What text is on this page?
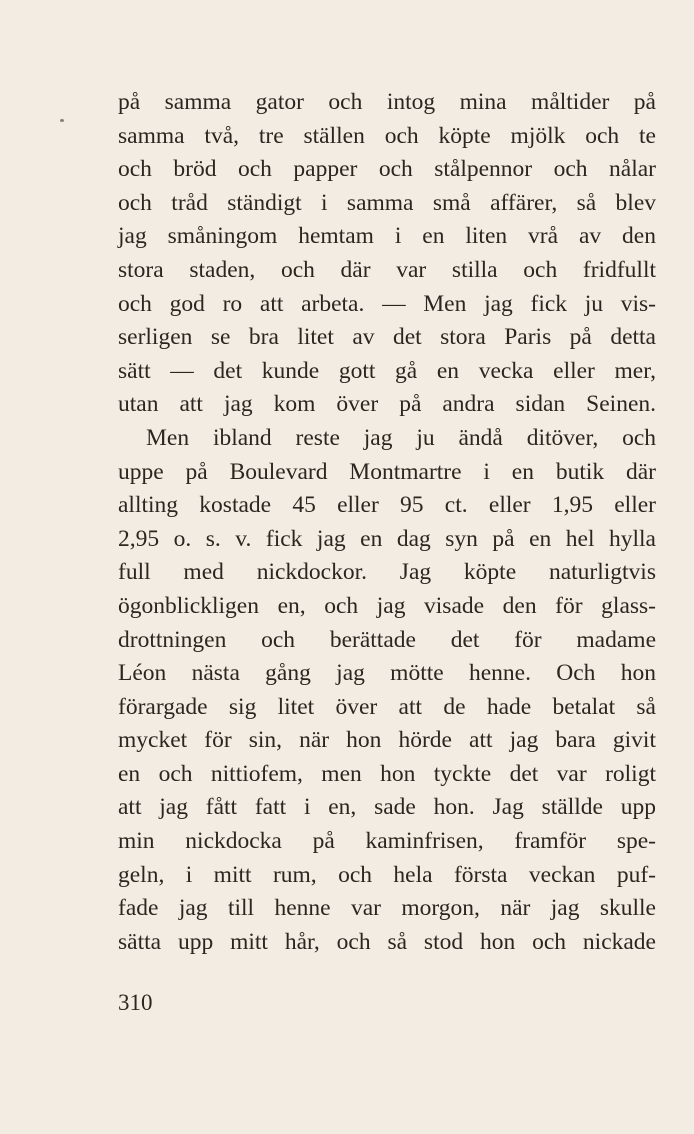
på samma gator och intog mina måltider på
samma två, tre ställen och köpte mjölk och te
och bröd och papper och stålpennor och nålar
och tråd ständigt i samma små affärer, så blev
jag småningom hemtam i en liten vrå av den
stora staden, och där var stilla och fridfullt
och god ro att arbeta. — Men jag fick ju vis-
serligen se bra litet av det stora Paris på detta
sätt — det kunde gott gå en vecka eller mer,
utan att jag kom över på andra sidan Seinen.
Men ibland reste jag ju ändå ditöver, och
uppe på Boulevard Montmartre i en butik där
allting kostade 45 eller 95 ct. eller 1,95 eller
2,95 o. s. v. fick jag en dag syn på en hel hylla
full med nickdockor. Jag köpte naturligtvis
ögonblickligen en, och jag visade den för glass-
drottningen och berättade det för madame
Léon nästa gång jag mötte henne. Och hon
förargade sig litet över att de hade betalat så
mycket för sin, när hon hörde att jag bara givit
en och nittiofem, men hon tyckte det var roligt
att jag fått fatt i en, sade hon. Jag ställde upp
min nickdocka på kaminfrisen, framför spe-
geln, i mitt rum, och hela första veckan puf-
fade jag till henne var morgon, när jag skulle
sätta upp mitt hår, och så stod hon och nickade
310
